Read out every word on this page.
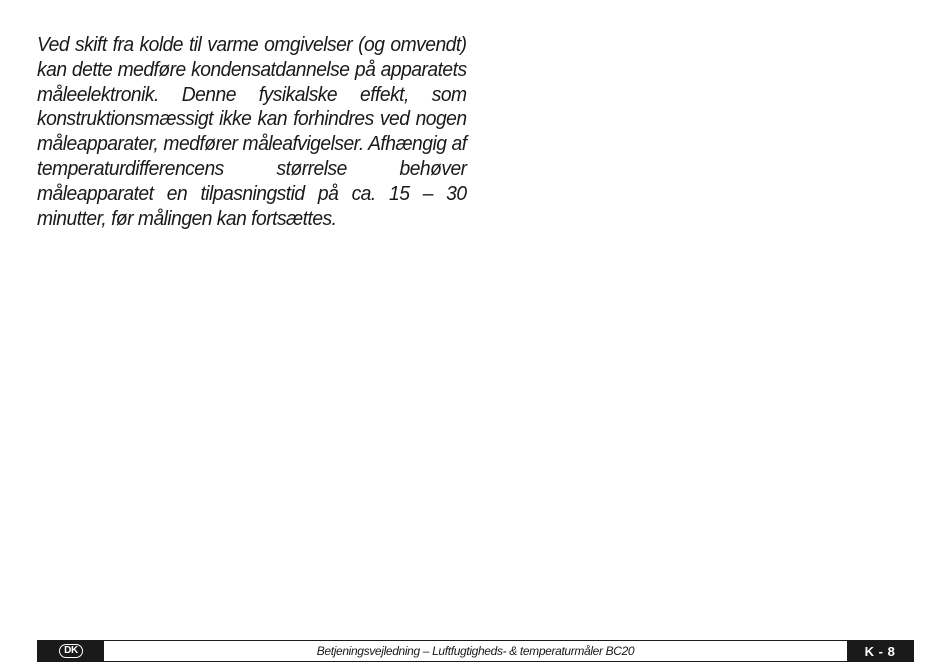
Ved skift fra kolde til varme omgivelser (og omvendt) kan dette medføre kondensatdannelse på apparatets måleelektronik. Denne fysikalske effekt, som konstruktionsmæssigt ikke kan forhindres ved nogen måleapparater, medfører måleafvigelser. Afhængig af temperaturdifferencens størrelse behøver måleapparatet en tilpasningstid på ca. 15 – 30 minutter, før målingen kan fortsættes.

DK	Betjeningsvejledning – Luftfugtigheds- & temperaturmåler BC20	K - 8
